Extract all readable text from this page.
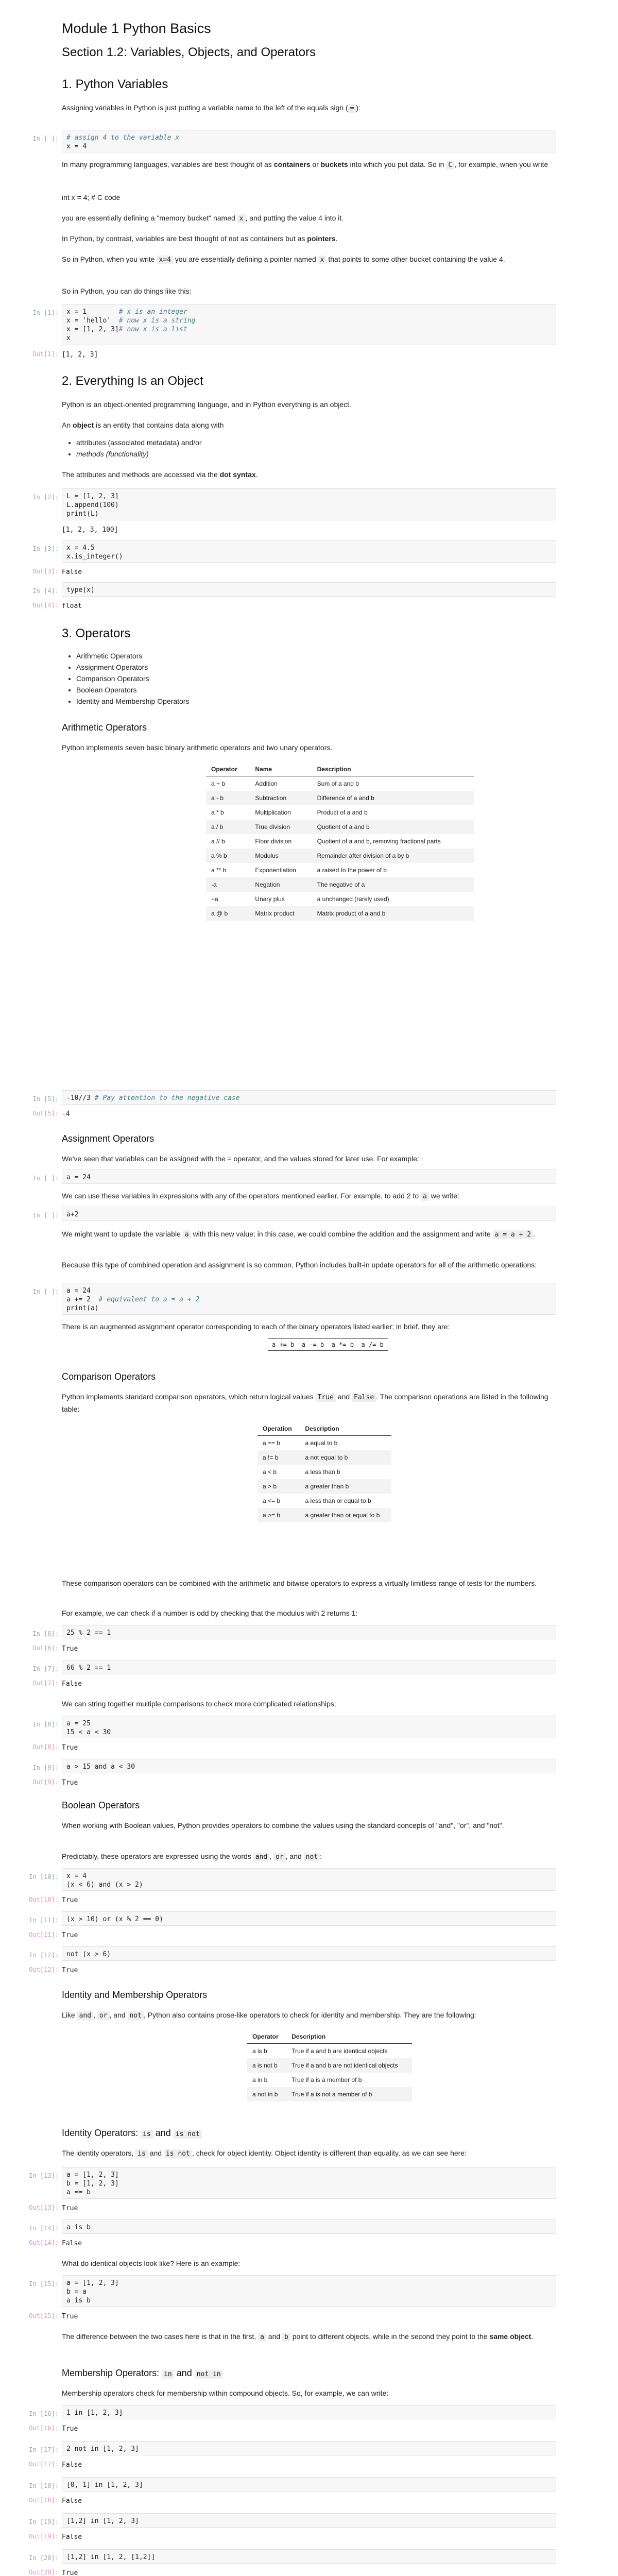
Module 1 Python Basics
Section 1.2: Variables, Objects, and Operators
1. Python Variables

Assigning variables in Python is just putting a variable name to the left of the equals sign ( = ):

In [ ]:	# assign 4 to the variable x
x = 4

In many programming languages, variables are best thought of as containers or buckets into which you put data. So in C , for example, when you write

int x = 4; # C code

you are essentially defining a "memory bucket" named x , and putting the value 4 into it.

In Python, by contrast, variables are best thought of not as containers but as pointers.

So in Python, when you write x=4 you are essentially defining a pointer named x that points to some other bucket containing the value 4.

So in Python, you can do things like this:

In [1]:	x = 1	# x is an integer
x = 'hello' # now x is a string
x = [1, 2, 3]# now x is a list
x
Out[1]: [1, 2, 3]
2. Everything Is an Object

Python is an object-oriented programming language, and in Python everything is an object.

An object is an entity that contains data along with

• attributes (associated metadata) and/or
• methods (functionality)

The attributes and methods are accessed via the dot syntax.

In [2]:	L = [1, 2, 3]
L.append(100)
print(L)
[1, 2, 3, 100]
In [3]:	x = 4.5
x.is_integer()
Out[3]: False
In [4]:	type(x)
Out[4]: float
3. Operators
• Arithmetic Operators
• Assignment Operators
• Comparison Operators
• Boolean Operators
• Identity and Membership Operators
Arithmetic Operators

Python implements seven basic binary arithmetic operators and two unary operators.

Operator	Name	Description
a + b	Addition	Sum of a and b
a - b	Subtraction	Difference of a and b
a * b	Multiplication	Product of a and b
a / b	True division	Quotient of a and b
a // b	Floor division	Quotient of a and b, removing fractional parts
a % b	Modulus	Remainder after division of a by b
a ** b	Exponentiation	a raised to the power of b
-a	Negation	The negative of a
+a	Unary plus	a unchanged (rarely used)
a @ b	Matrix product	Matrix product of a and b
In [5]:	-10//3 # Pay attention to the negative case
Out[5]: -4
Assignment Operators

We've seen that variables can be assigned with the = operator, and the values stored for later use. For example:

In [ ]:	a = 24

We can use these variables in expressions with any of the operators mentioned earlier. For example, to add 2 to a we write:

In [ ]:	a+2

We might want to update the variable a with this new value; in this case, we could combine the addition and the assignment and write a = a + 2 .

Because this type of combined operation and assignment is so common, Python includes built-in update operators for all of the arithmetic operations:

In [ ]:	a = 24
a += 2 # equivalent to a = a + 2
print(a)

There is an augmented assignment operator corresponding to each of the binary operators listed earlier; in brief, they are:

a += b a -= b a *= b a /= b
Comparison Operators

Python implements standard comparison operators, which return logical values True and False . The comparison operations are listed in the following table:

Operation	Description
a == b	a equal to b
a != b	a not equal to b
a < b	a less than b
a > b	a greater than b
a <= b	a less than or equal to b
a >= b	a greater than or equal to b

These comparison operators can be combined with the arithmetic and bitwise operators to express a virtually limitless range of tests for the numbers.

For example, we can check if a number is odd by checking that the modulus with 2 returns 1:

In [6]:	25 % 2 == 1
Out[6]: True
In [7]:	66 % 2 == 1
Out[7]: False

We can string together multiple comparisons to check more complicated relationships:

In [8]:	a = 25
15 < a < 30
Out[8]: True
In [9]:	a > 15 and a < 30
Out[9]: True
Boolean Operators

When working with Boolean values, Python provides operators to combine the values using the standard concepts of "and", "or", and "not".

Predictably, these operators are expressed using the words and , or , and not :

In [10]:	x = 4
(x < 6) and (x > 2)
Out[10]: True
In [11]:	(x > 10) or (x % 2 == 0)
Out[11]: True
In [12]:	not (x > 6)
Out[12]: True
Identity and Membership Operators

Like and , or , and not , Python also contains prose-like operators to check for identity and membership. They are the following:

Operator	Description
a is b	True if a and b are identical objects
a is not b	True if a and b are not identical objects
a in b	True if a is a member of b
a not in b	True if a is not a member of b
Identity Operators: is and is not

The identity operators, is and is not , check for object identity. Object identity is different than equality, as we can see here:

In [13]:	a = [1, 2, 3]
b = [1, 2, 3]
a == b
Out[13]: True
In [14]:	a is b
Out[14]: False

What do identical objects look like? Here is an example:

In [15]:	a = [1, 2, 3]
b = a
a is b
Out[15]: True

The difference between the two cases here is that in the first, a and b point to different objects, while in the second they point to the same object.

Membership Operators: in and not in

Membership operators check for membership within compound objects. So, for example, we can write:

In [16]:	1 in [1, 2, 3]
Out[16]: True
In [17]:	2 not in [1, 2, 3]
Out[17]: False
In [18]:	[0, 1] in [1, 2, 3]
Out[18]: False
In [19]:	[1,2] in [1, 2, 3]
Out[19]: False
In [20]:	[1,2] in [1, 2, [1,2]]
Out[20]: True
